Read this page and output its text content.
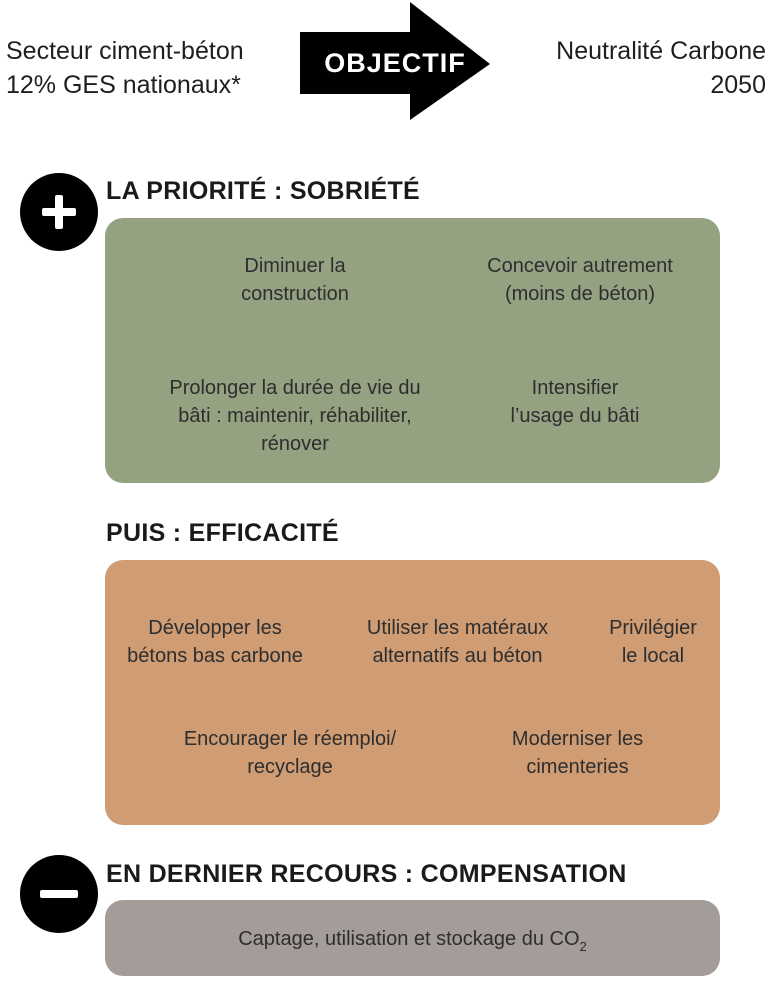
Secteur ciment-béton
12% GES nationaux*
OBJECTIF	Neutralité Carbone
2050
LA PRIORITÉ : SOBRIÉTÉ
Diminuer la
construction
Concevoir autrement
(moins de béton)
Prolonger la durée de vie du
bâti : maintenir, réhabiliter,
rénover
Intensifier
l’usage du bâti
PUIS : EFFICACITÉ
Développer les
bétons bas carbone
Utiliser les matéraux
alternatifs au béton
Privilégier
le local
Encourager le réemploi/
recyclage
Moderniser les
cimenteries
EN DERNIER RECOURS : COMPENSATION
Captage, utilisation et stockage du $CO_2$
